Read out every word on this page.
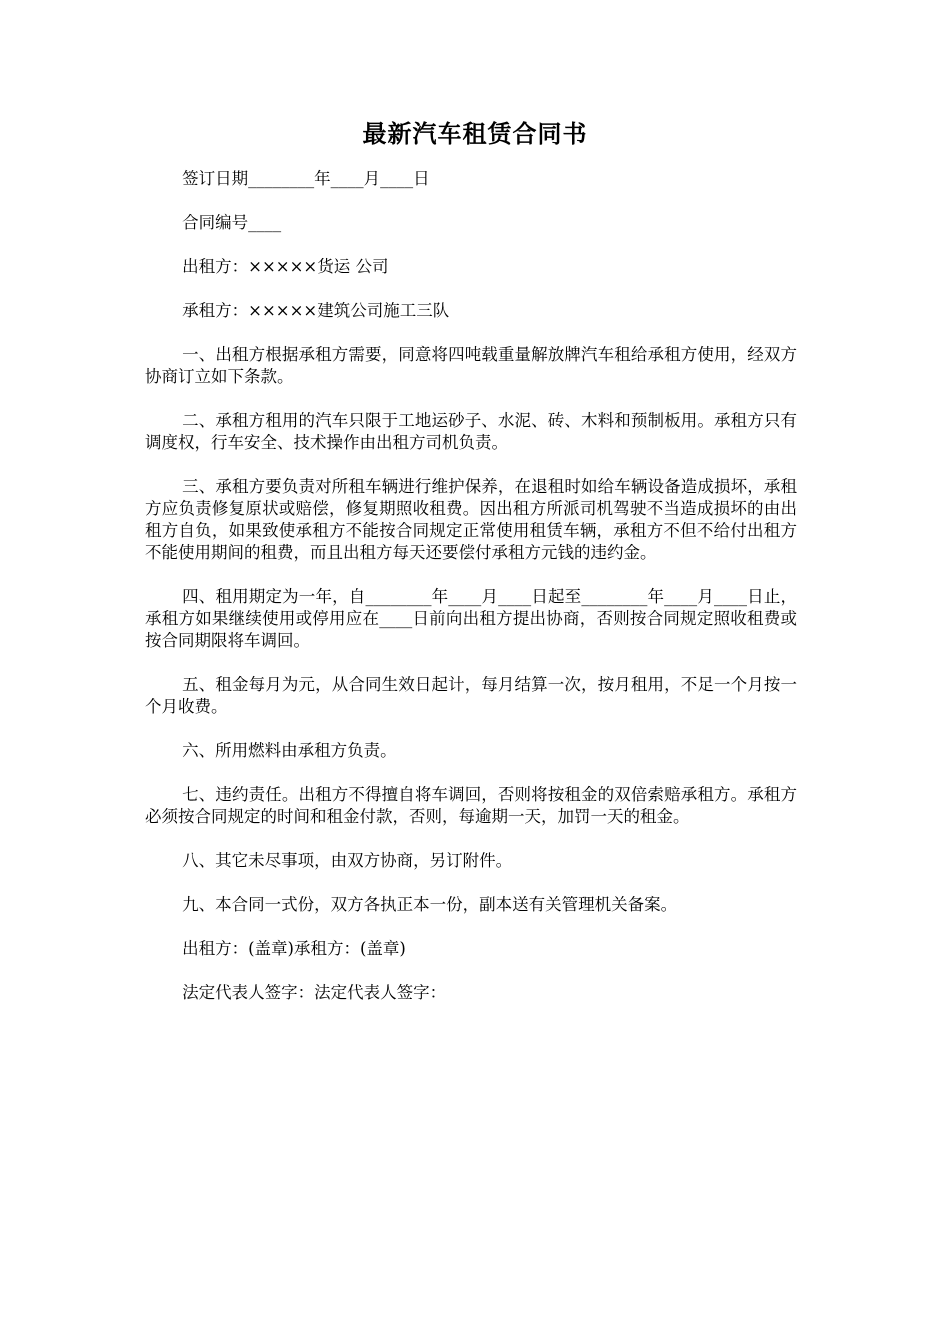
最新汽车租赁合同书

签订日期________年____月____日

合同编号____

出租方：×××××货运 公司

承租方：×××××建筑公司施工三队

一、出租方根据承租方需要，同意将四吨载重量解放牌汽车租给承租方使用，经双方协商订立如下条款。

二、承租方租用的汽车只限于工地运砂子、水泥、砖、木料和预制板用。承租方只有调度权，行车安全、技术操作由出租方司机负责。

三、承租方要负责对所租车辆进行维护保养，在退租时如给车辆设备造成损坏，承租方应负责修复原状或赔偿，修复期照收租费。因出租方所派司机驾驶不当造成损坏的由出租方自负，如果致使承租方不能按合同规定正常使用租赁车辆，承租方不但不给付出租方不能使用期间的租费，而且出租方每天还要偿付承租方元钱的违约金。

四、租用期定为一年，自________年____月____日起至________年____月____日止，承租方如果继续使用或停用应在____日前向出租方提出协商，否则按合同规定照收租费或按合同期限将车调回。

五、租金每月为元，从合同生效日起计，每月结算一次，按月租用，不足一个月按一个月收费。

六、所用燃料由承租方负责。

七、违约责任。出租方不得擅自将车调回，否则将按租金的双倍索赔承租方。承租方必须按合同规定的时间和租金付款，否则，每逾期一天，加罚一天的租金。

八、其它未尽事项，由双方协商，另订附件。

九、本合同一式份，双方各执正本一份，副本送有关管理机关备案。

出租方：(盖章)承租方：(盖章)

法定代表人签字：法定代表人签字：
